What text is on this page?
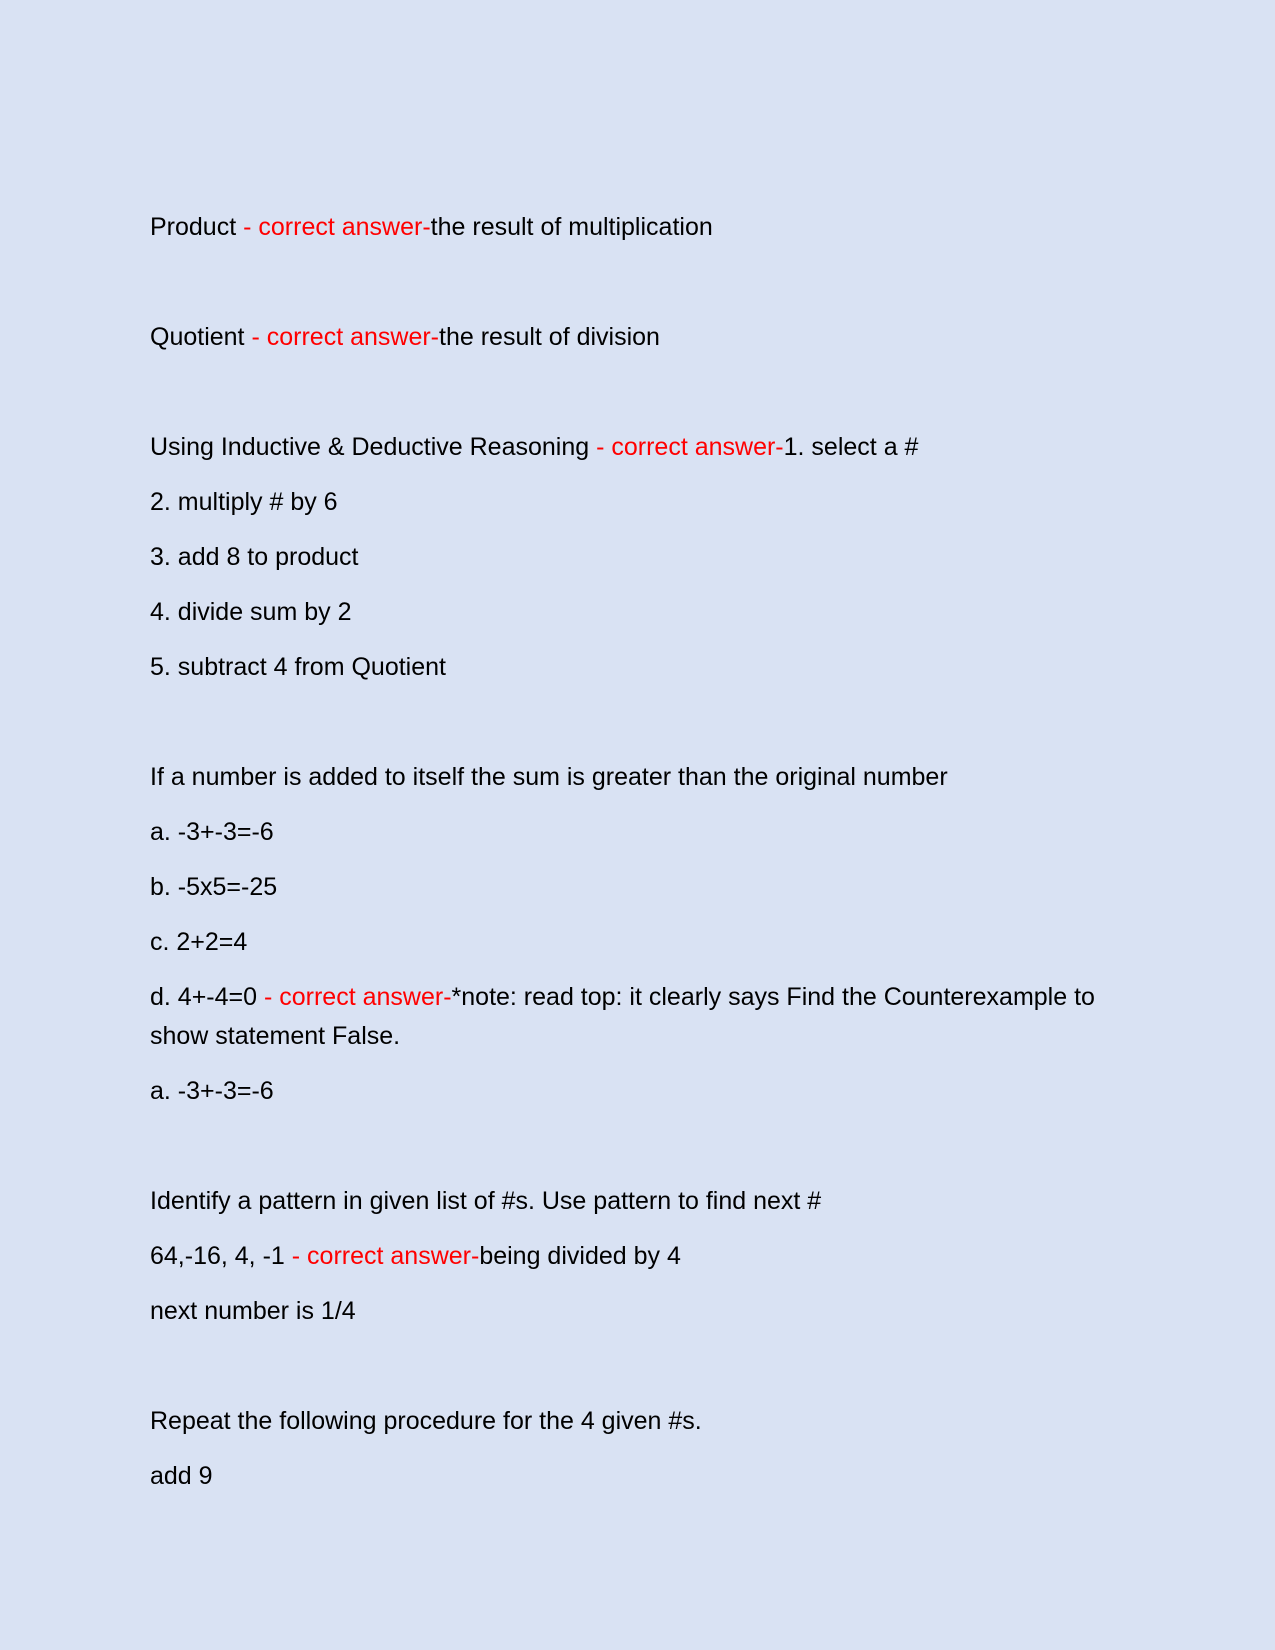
Product - correct answer-the result of multiplication

Quotient - correct answer-the result of division

Using Inductive & Deductive Reasoning - correct answer-1. select a #

2. multiply # by 6

3. add 8 to product

4. divide sum by 2

5. subtract 4 from Quotient

If a number is added to itself the sum is greater than the original number

a. -3+-3=-6

b. -5x5=-25

c. 2+2=4

d. 4+-4=0 - correct answer-*note: read top: it clearly says Find the Counterexample to show statement False.

a. -3+-3=-6

Identify a pattern in given list of #s. Use pattern to find next #

64,-16, 4, -1 - correct answer-being divided by 4

next number is 1/4

Repeat the following procedure for the 4 given #s.

add 9
